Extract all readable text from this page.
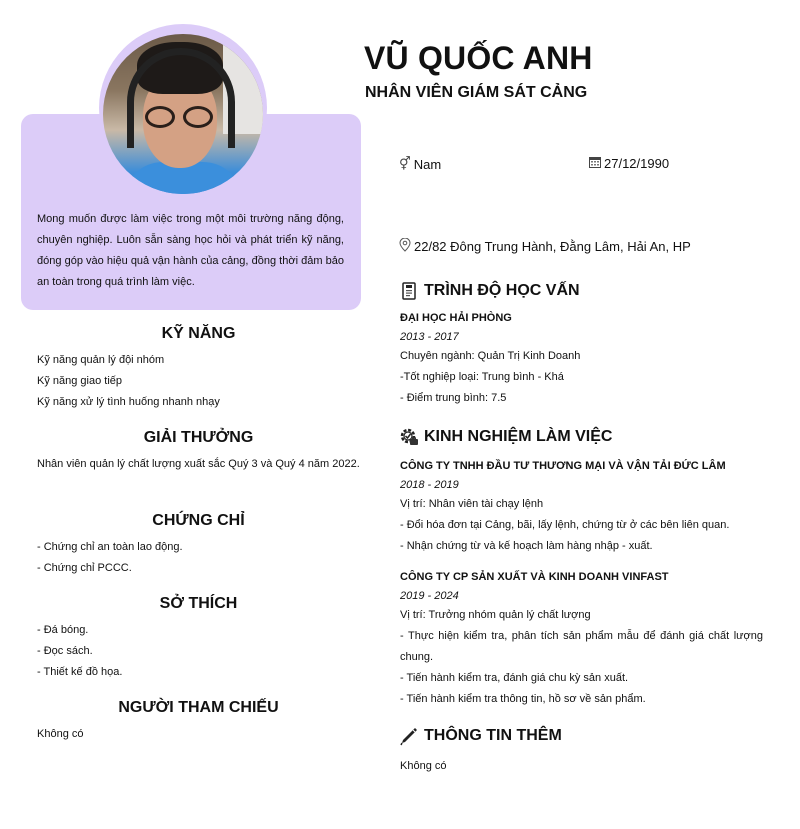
Mong muốn được làm việc trong một môi trường năng động, chuyên nghiệp. Luôn sẵn sàng học hỏi và phát triển kỹ năng, đóng góp vào hiệu quả vận hành của cảng, đồng thời đảm bảo an toàn trong quá trình làm việc.
KỸ NĂNG
Kỹ năng quản lý đội nhóm
Kỹ năng giao tiếp
Kỹ năng xử lý tình huống nhanh nhạy
GIẢI THƯỞNG
Nhân viên quản lý chất lượng xuất sắc Quý 3 và Quý 4 năm 2022.
CHỨNG CHỈ
- Chứng chỉ an toàn lao động.
- Chứng chỉ PCCC.
SỞ THÍCH
- Đá bóng.
- Đọc sách.
- Thiết kế đồ họa.
NGƯỜI THAM CHIẾU
Không có
VŨ QUỐC ANH
NHÂN VIÊN GIÁM SÁT CẢNG
⚥ Nam	27/12/1990
22/82 Đông Trung Hành, Đằng Lâm, Hải An, HP
TRÌNH ĐỘ HỌC VẤN
ĐẠI HỌC HẢI PHÒNG
2013 - 2017
Chuyên ngành: Quản Trị Kinh Doanh
-Tốt nghiệp loại: Trung bình - Khá
- Điểm trung bình: 7.5
KINH NGHIỆM LÀM VIỆC
CÔNG TY TNHH ĐẦU TƯ THƯƠNG MẠI VÀ VẬN TẢI ĐỨC LÂM
2018 - 2019
Vị trí: Nhân viên tài chạy lệnh
- Đổi hóa đơn tại Cảng, bãi, lấy lệnh, chứng từ ở các bên liên quan.
- Nhận chứng từ và kế hoạch làm hàng nhập - xuất.
CÔNG TY CP SẢN XUẤT VÀ KINH DOANH VINFAST
2019 - 2024
Vị trí: Trưởng nhóm quản lý chất lượng
- Thực hiện kiểm tra, phân tích sản phẩm mẫu để đánh giá chất lượng chung.
- Tiến hành kiểm tra, đánh giá chu kỳ sản xuất.
- Tiến hành kiểm tra thông tin, hồ sơ về sản phẩm.
THÔNG TIN THÊM
Không có
